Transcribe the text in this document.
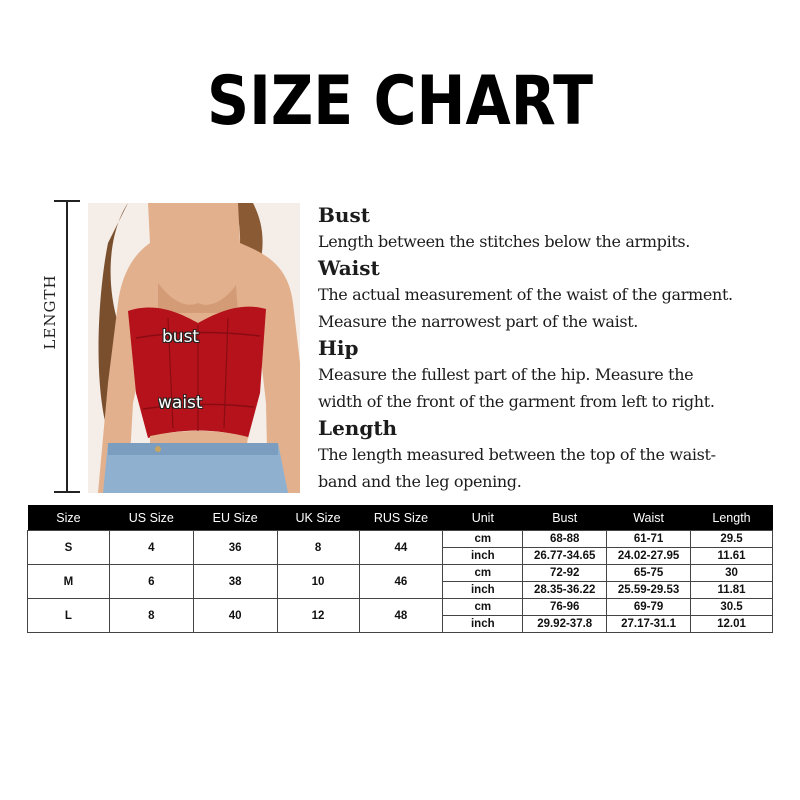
SIZE CHART
LENGTH	bust
waist
Bust
Length between the stitches below the armpits.
Waist
The actual measurement of the waist of the garment.
Measure the narrowest part of the waist.
Hip
Measure the fullest part of the hip. Measure the
width of the front of the garment from left to right.
Length
The length measured between the top of the waist-
band and the leg opening.
Size	US Size	EU Size	UK Size	RUS Size	Unit	Bust	Waist	Length
S	4	36	8	44	cm	68-88	61-71	29.5
					inch	26.77-34.65	24.02-27.95	11.61
M	6	38	10	46	cm	72-92	65-75	30
					inch	28.35-36.22	25.59-29.53	11.81
L	8	40	12	48	cm	76-96	69-79	30.5
					inch	29.92-37.8	27.17-31.1	12.01
